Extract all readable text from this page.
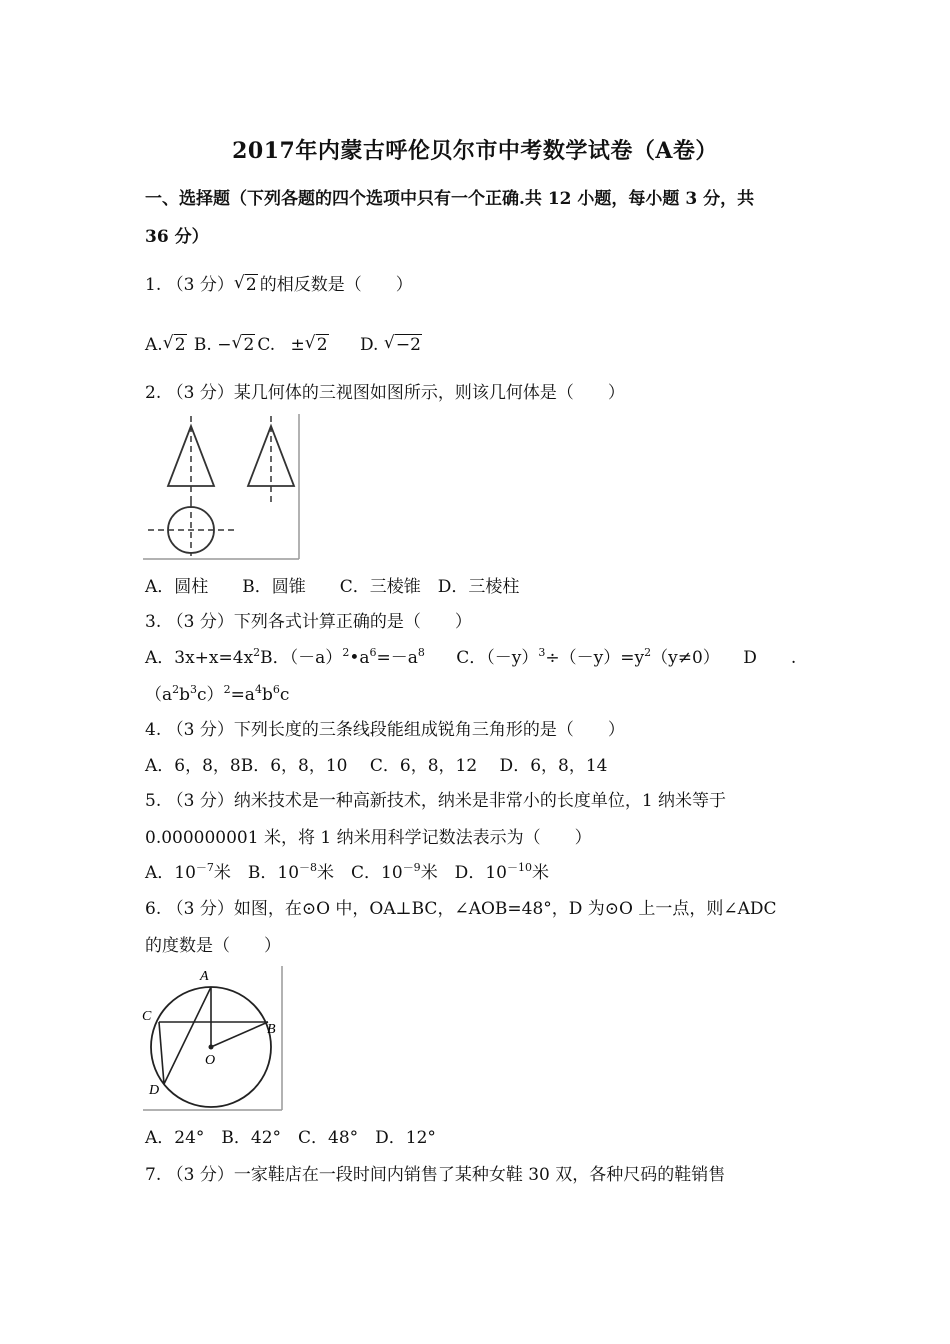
2017年内蒙古呼伦贝尔市中考数学试卷（A卷）
一、选择题（下列各题的四个选项中只有一个正确.共 12 小题，每小题 3 分，共
36 分）
1. （3 分） √ 2 的相反数是（　　）
A. √ 2 B. − √ 2 C. ± √ 2 D. √ −2
2. （3 分）某几何体的三视图如图所示，则该几何体是（　　）
A．圆柱　　B．圆锥　　C．三棱锥　D．三棱柱
3. （3 分）下列各式计算正确的是（　　）
A．$3x+x=4x^2B$．$(-a)^2•a^6=-a^8$ C．$(-y)^3\div(-y)=y^2(y\ne 0)$ D　　.
$(a^2b^3c)^2=a^4b^6c$
4. （3 分）下列长度的三条线段能组成锐角三角形的是（　　）
A．6，8，8B．6，8，10　 C．6，8，12　 D．6，8，14
5. （3 分）纳米技术是一种高新技术，纳米是非常小的长度单位，1 纳米等于
0.000000001 米，将 1 纳米用科学记数法表示为（　　）
A．$10^{-7}$米　B．$10^{-8}$米　C．$10^{-9}$米　D．$10^{-10}$米
6. （3 分）如图，在⊙O 中，OA⊥BC，∠AOB=48°，D 为⊙O 上一点，则∠ADC
的度数是（　　）
A
C
B
O
D
A．24°　B．42°　C．48°　D．12°
7. （3 分）一家鞋店在一段时间内销售了某种女鞋 30 双，各种尺码的鞋销售
